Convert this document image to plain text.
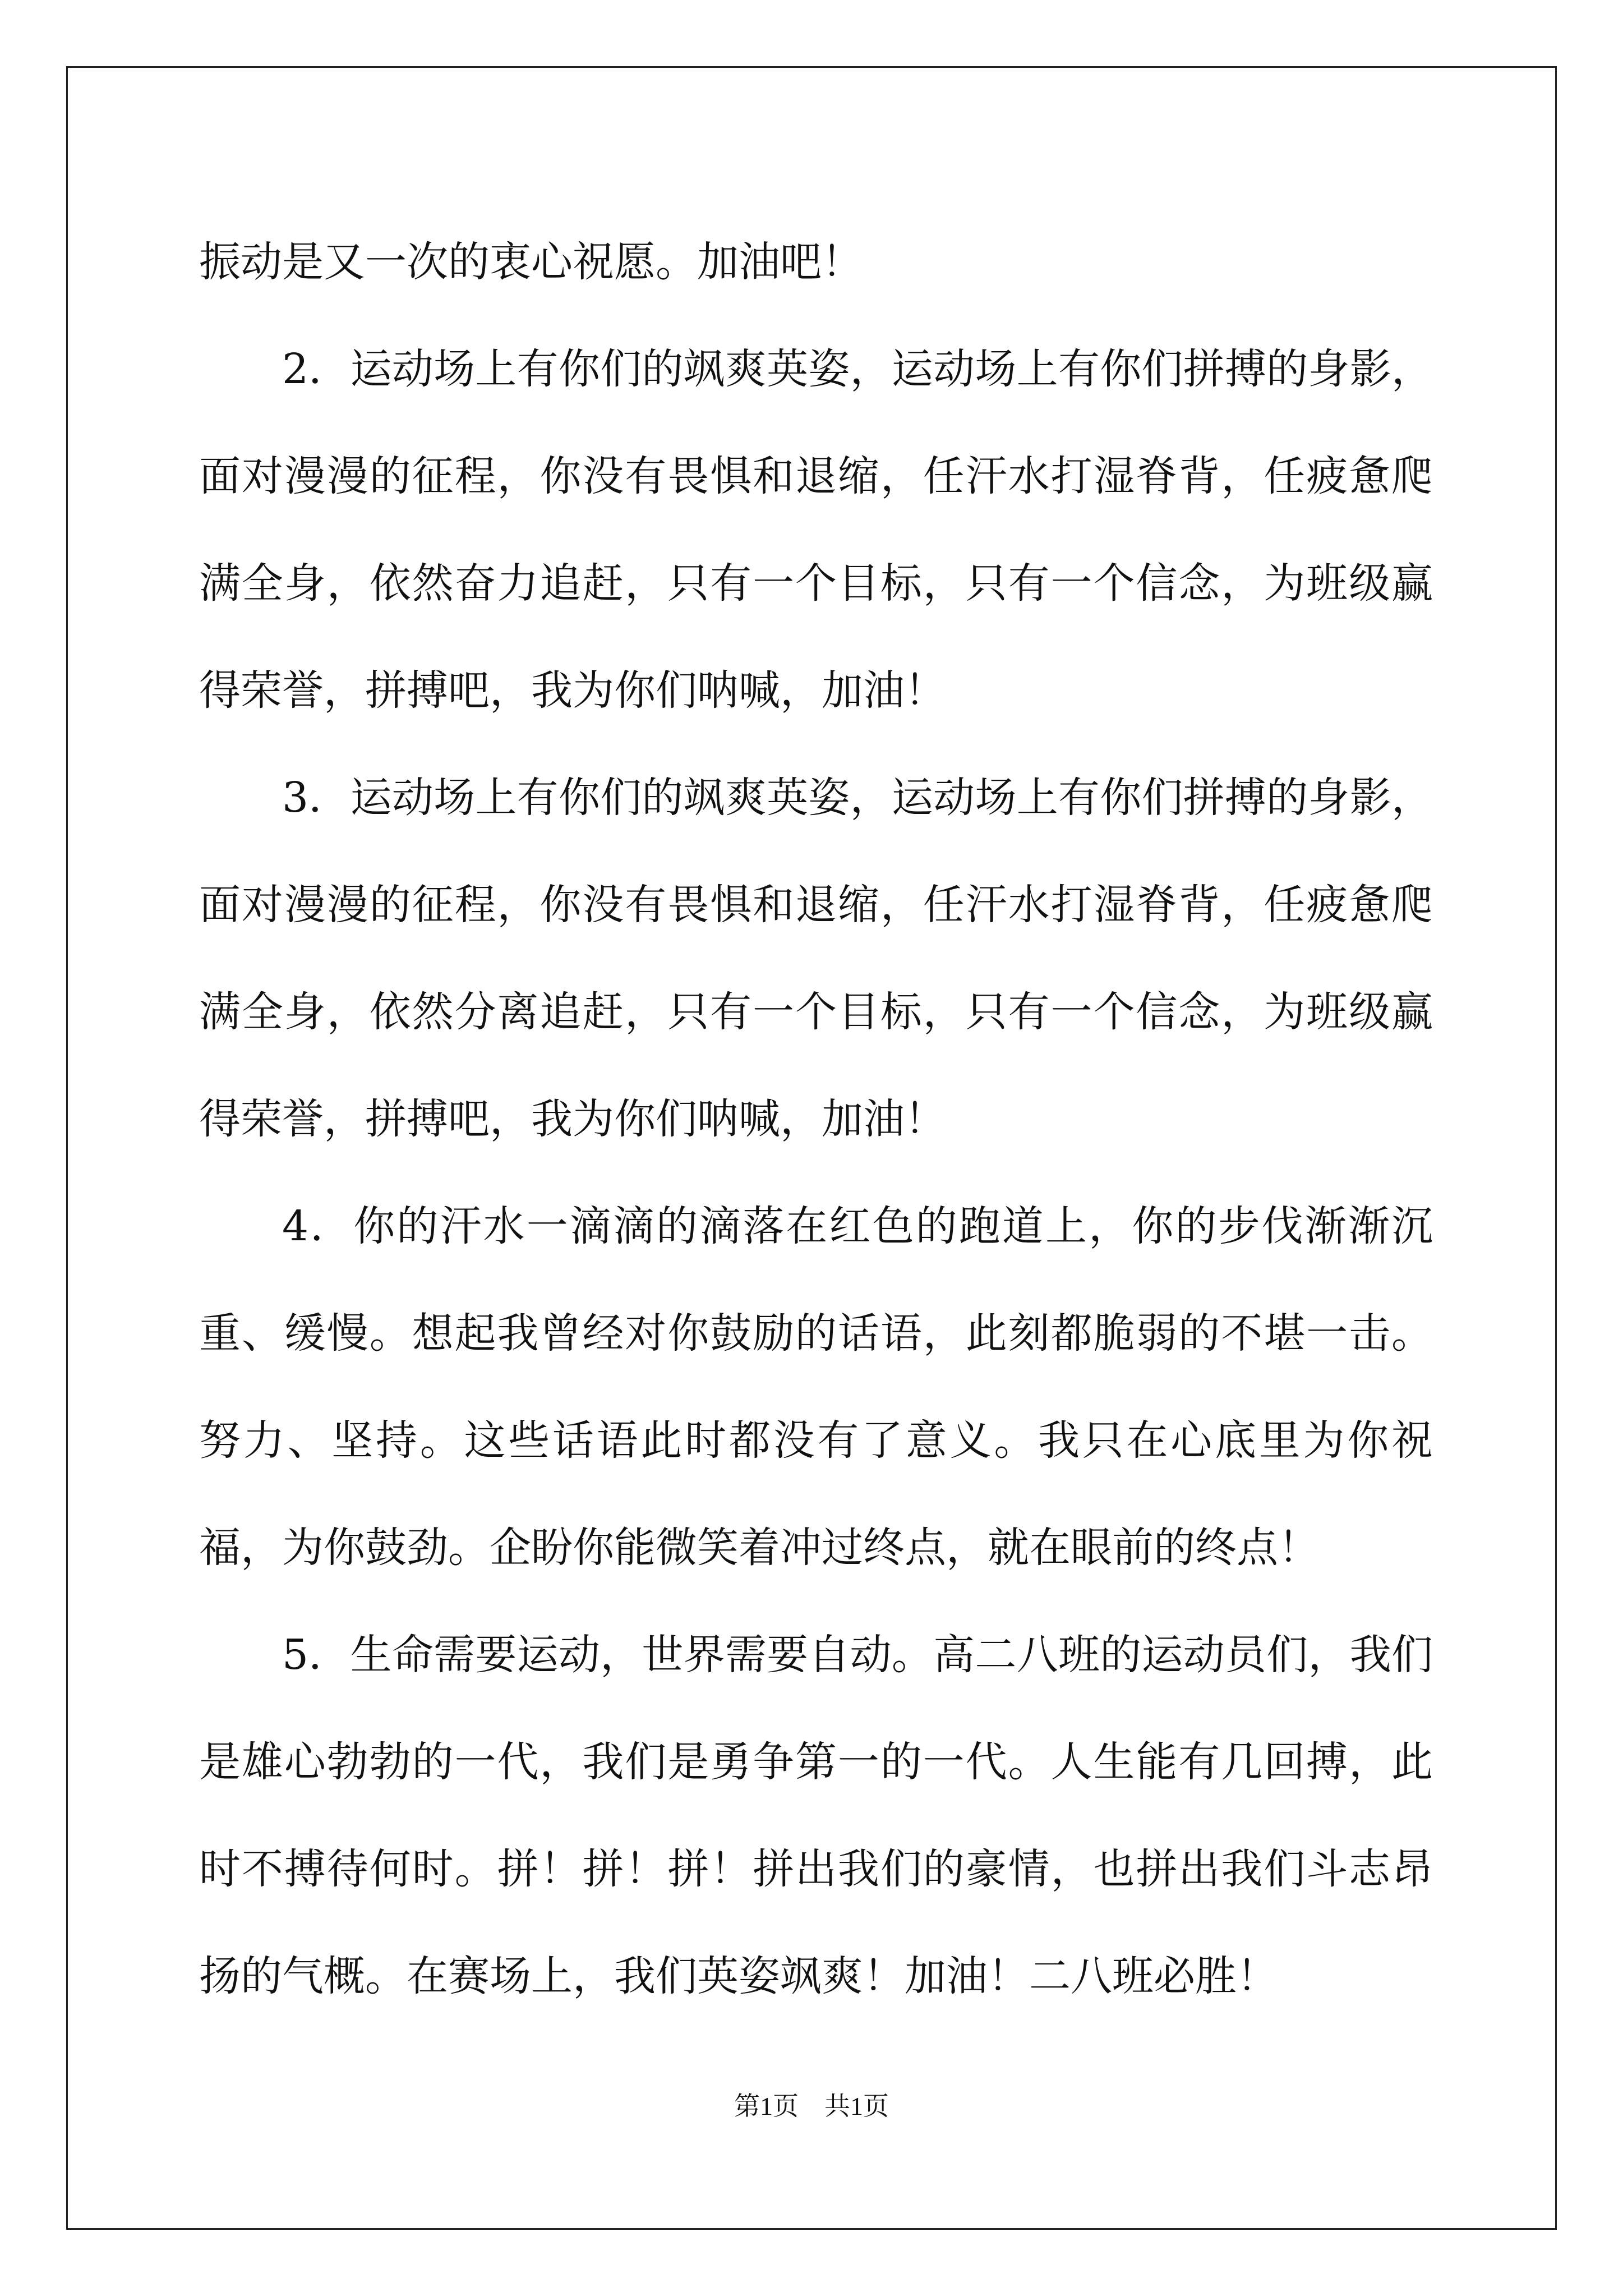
振动是又一次的衷心祝愿。加油吧！

2．运动场上有你们的飒爽英姿，运动场上有你们拼搏的身影，面对漫漫的征程，你没有畏惧和退缩，任汗水打湿脊背，任疲惫爬满全身，依然奋力追赶，只有一个目标，只有一个信念，为班级赢得荣誉，拼搏吧，我为你们呐喊，加油！

3．运动场上有你们的飒爽英姿，运动场上有你们拼搏的身影，面对漫漫的征程，你没有畏惧和退缩，任汗水打湿脊背，任疲惫爬满全身，依然分离追赶，只有一个目标，只有一个信念，为班级赢得荣誉，拼搏吧，我为你们呐喊，加油！

4．你的汗水一滴滴的滴落在红色的跑道上，你的步伐渐渐沉重、缓慢。想起我曾经对你鼓励的话语，此刻都脆弱的不堪一击。努力、坚持。这些话语此时都没有了意义。我只在心底里为你祝福，为你鼓劲。企盼你能微笑着冲过终点，就在眼前的终点！

5．生命需要运动，世界需要自动。高二八班的运动员们，我们是雄心勃勃的一代，我们是勇争第一的一代。人生能有几回搏，此时不搏待何时。拼！拼！拼！拼出我们的豪情，也拼出我们斗志昂扬的气概。在赛场上，我们英姿飒爽！加油！二八班必胜！

第1页 共1页
